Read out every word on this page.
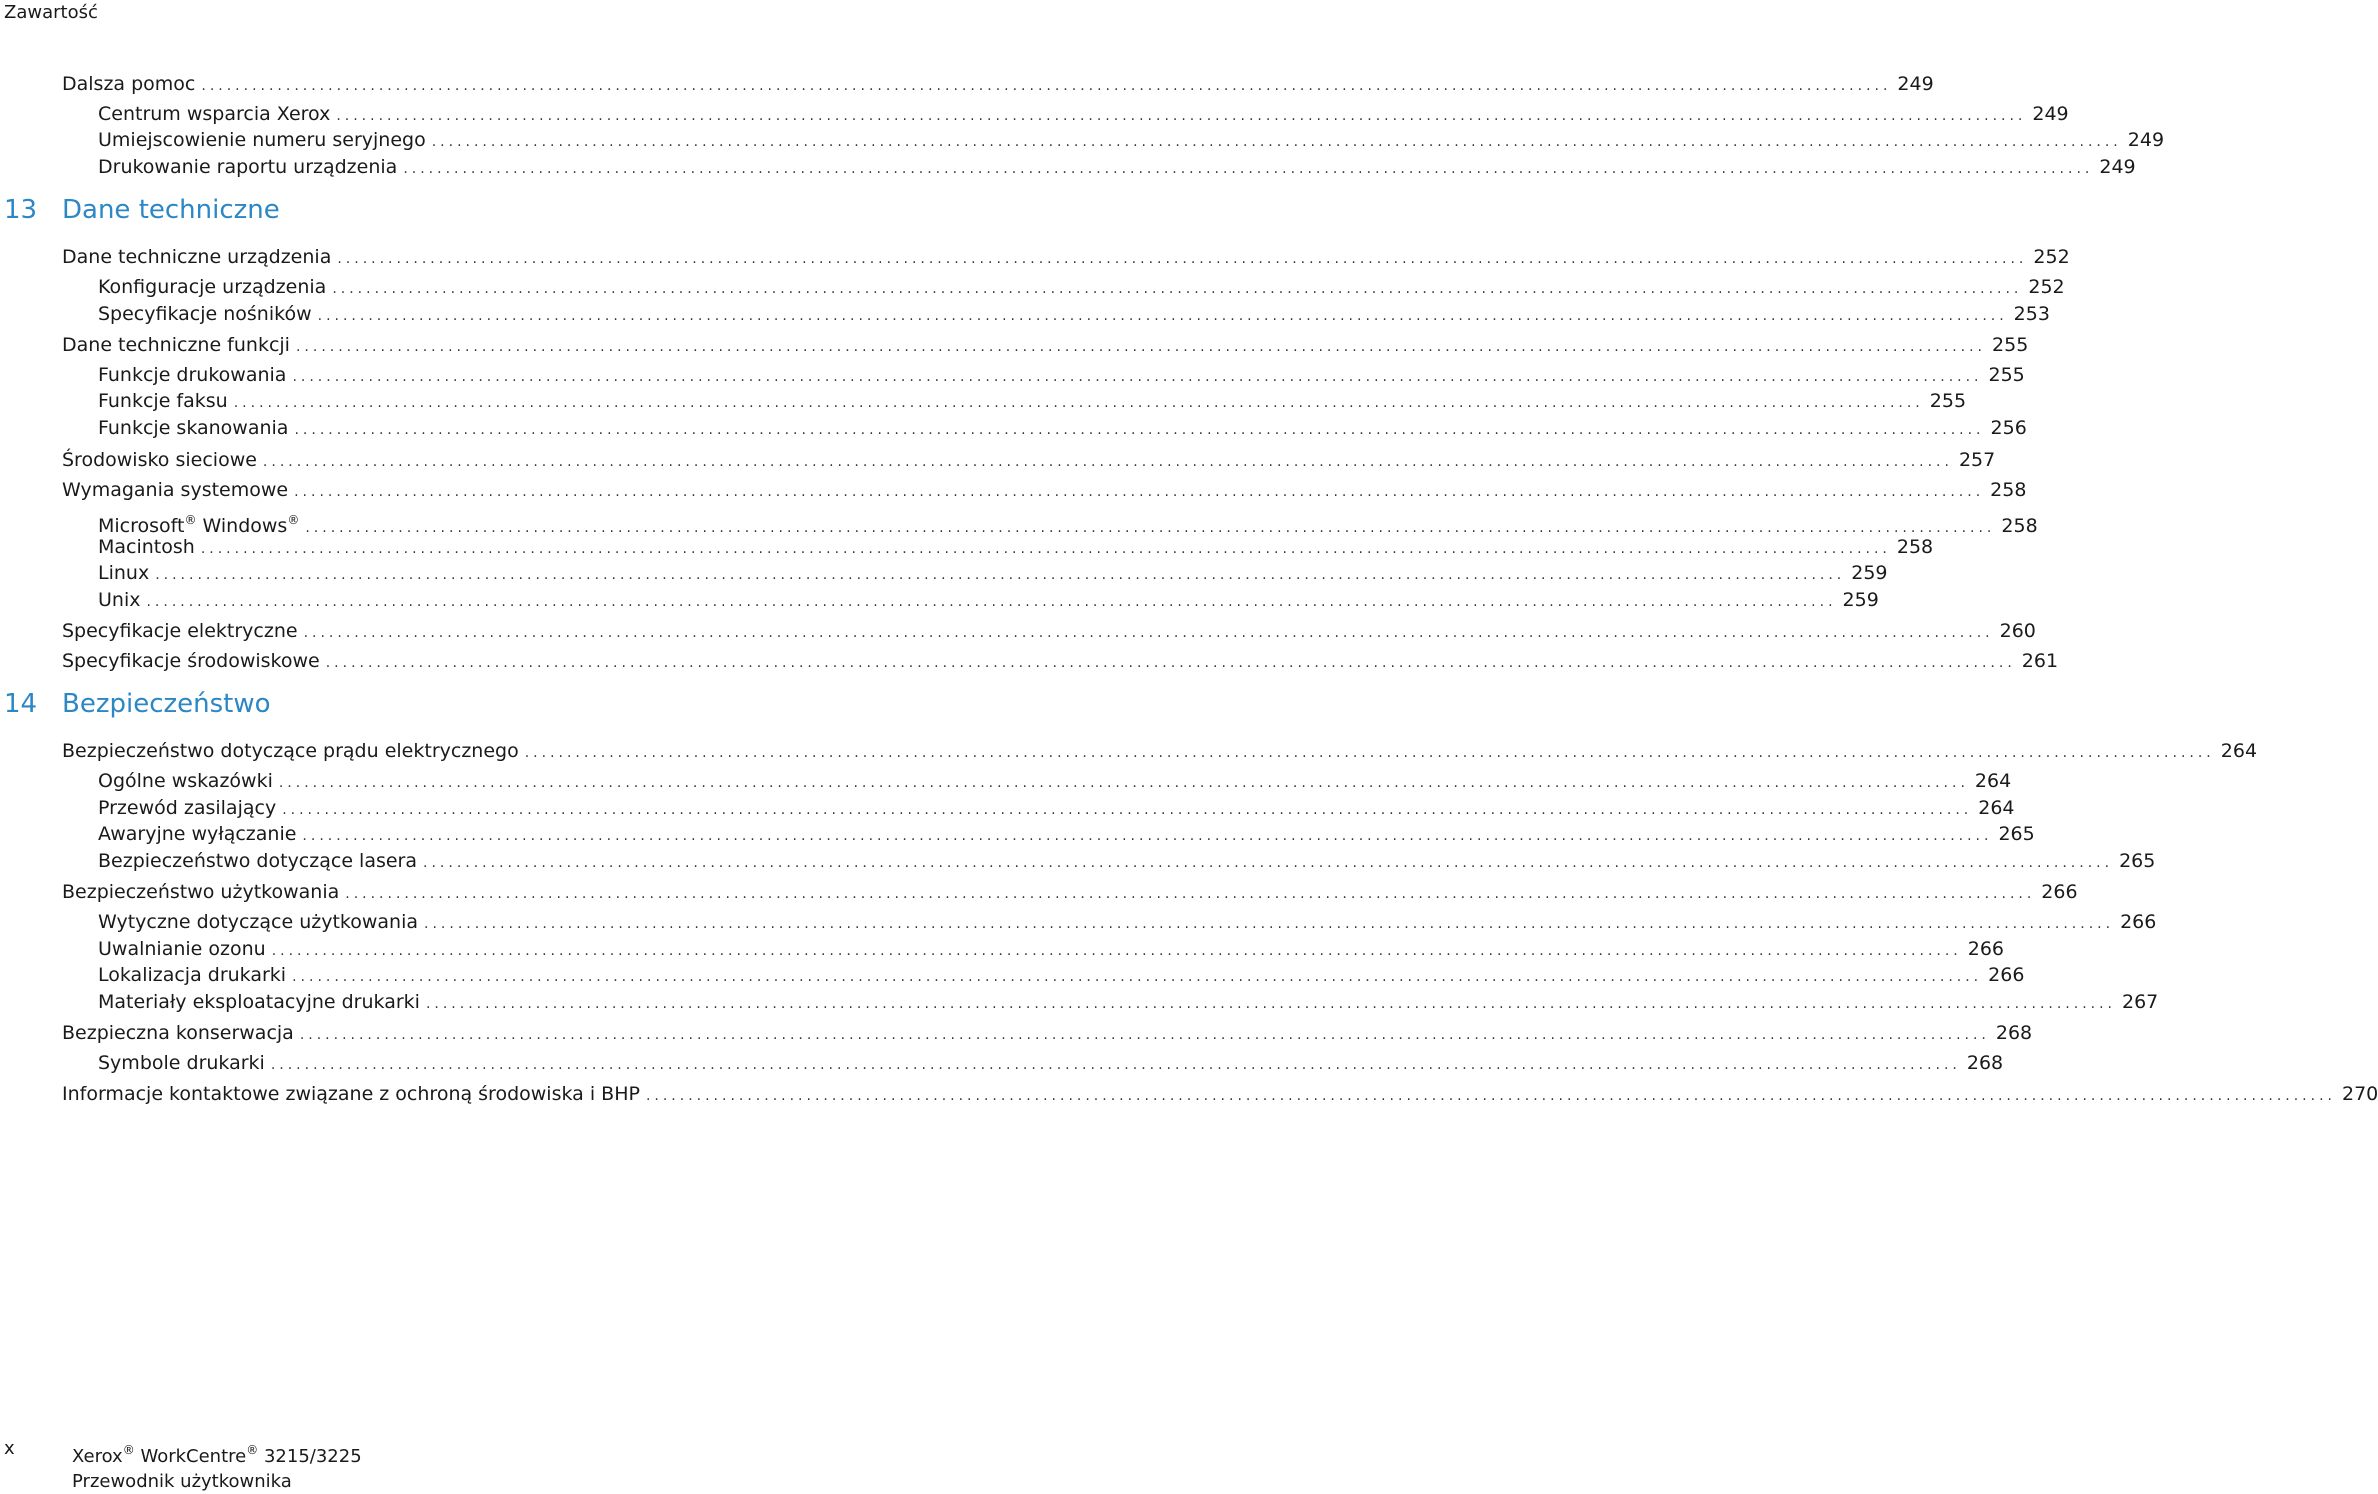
Zawartość
Dalsza pomoc ........................................................................................................................................................................................................ 249
Centrum wsparcia Xerox ........................................................................................................................................................................................................ 249
Umiejscowienie numeru seryjnego ........................................................................................................................................................................................................ 249
Drukowanie raportu urządzenia ........................................................................................................................................................................................................ 249
13 Dane techniczne
Dane techniczne urządzenia ........................................................................................................................................................................................................ 252
Konfiguracje urządzenia ........................................................................................................................................................................................................ 252
Specyfikacje nośników ........................................................................................................................................................................................................ 253
Dane techniczne funkcji ........................................................................................................................................................................................................ 255
Funkcje drukowania ........................................................................................................................................................................................................ 255
Funkcje faksu ........................................................................................................................................................................................................ 255
Funkcje skanowania ........................................................................................................................................................................................................ 256
Środowisko sieciowe ........................................................................................................................................................................................................ 257
Wymagania systemowe ........................................................................................................................................................................................................ 258
Microsoft® Windows® ........................................................................................................................................................................................................ 258
Macintosh ........................................................................................................................................................................................................ 258
Linux ........................................................................................................................................................................................................ 259
Unix ........................................................................................................................................................................................................ 259
Specyfikacje elektryczne ........................................................................................................................................................................................................ 260
Specyfikacje środowiskowe ........................................................................................................................................................................................................ 261
14 Bezpieczeństwo
Bezpieczeństwo dotyczące prądu elektrycznego ........................................................................................................................................................................................................ 264
Ogólne wskazówki ........................................................................................................................................................................................................ 264
Przewód zasilający ........................................................................................................................................................................................................ 264
Awaryjne wyłączanie ........................................................................................................................................................................................................ 265
Bezpieczeństwo dotyczące lasera ........................................................................................................................................................................................................ 265
Bezpieczeństwo użytkowania ........................................................................................................................................................................................................ 266
Wytyczne dotyczące użytkowania ........................................................................................................................................................................................................ 266
Uwalnianie ozonu ........................................................................................................................................................................................................ 266
Lokalizacja drukarki ........................................................................................................................................................................................................ 266
Materiały eksploatacyjne drukarki ........................................................................................................................................................................................................ 267
Bezpieczna konserwacja ........................................................................................................................................................................................................ 268
Symbole drukarki ........................................................................................................................................................................................................ 268
Informacje kontaktowe związane z ochroną środowiska i BHP ........................................................................................................................................................................................................ 270
x	Xerox® WorkCentre® 3215/3225
Przewodnik użytkownika
